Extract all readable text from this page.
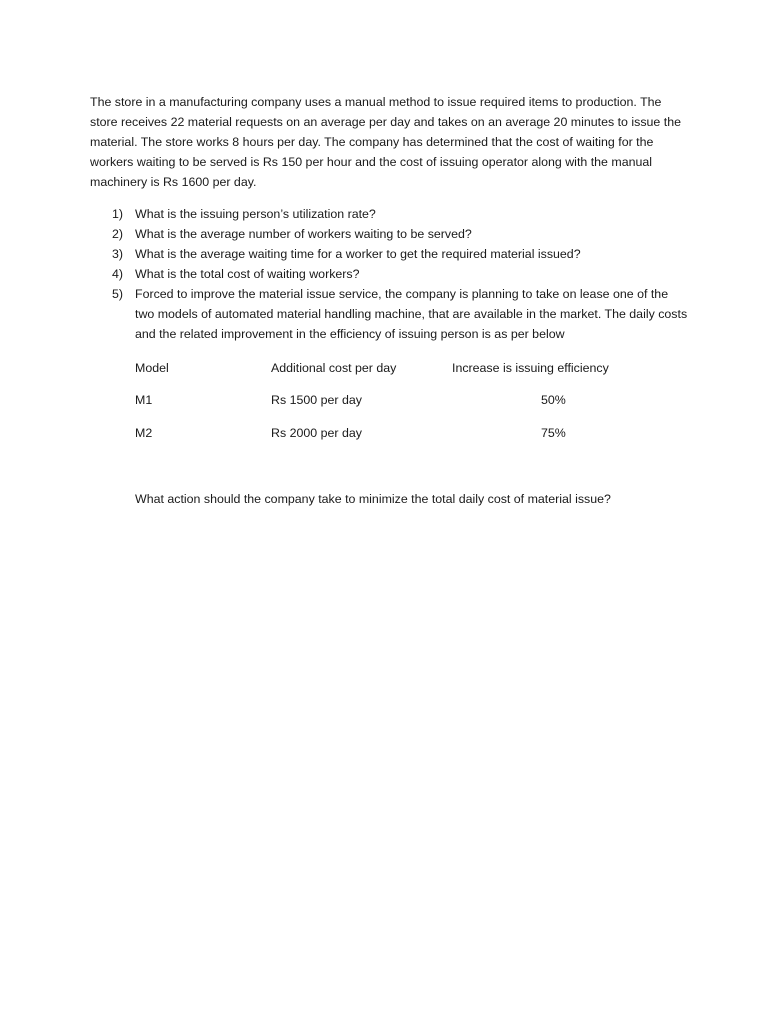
The store in a manufacturing company uses a manual method to issue required items to production. The store receives 22 material requests on an average per day and takes on an average 20 minutes to issue the material. The store works 8 hours per day. The company has determined that the cost of waiting for the workers waiting to be served is Rs 150 per hour and the cost of issuing operator along with the manual machinery is Rs 1600 per day.

1) What is the issuing person’s utilization rate?
2) What is the average number of workers waiting to be served?
3) What is the average waiting time for a worker to get the required material issued?
4) What is the total cost of waiting workers?
5) Forced to improve the material issue service, the company is planning to take on lease one of the two models of automated material handling machine, that are available in the market. The daily costs and the related improvement in the efficiency of issuing person is as per below
Model	Additional cost per day	Increase is issuing efficiency
M1	Rs 1500 per day	50%
M2	Rs 2000 per day	75%

What action should the company take to minimize the total daily cost of material issue?
